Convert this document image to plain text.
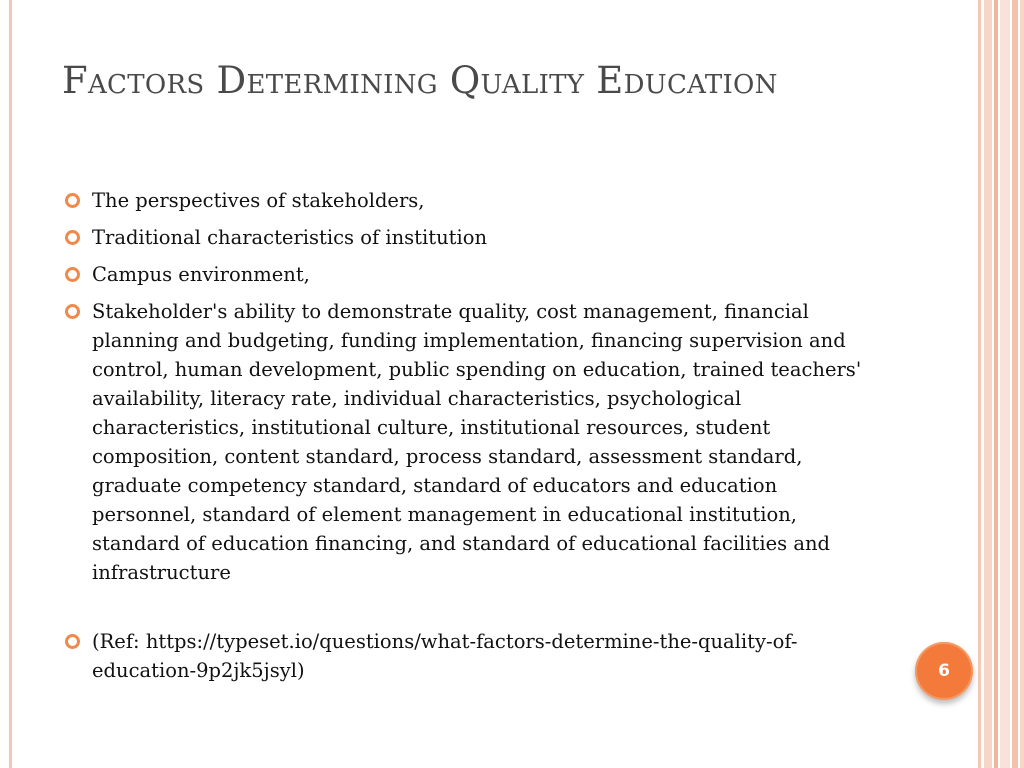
Factors Determining Quality Education
The perspectives of stakeholders,
Traditional characteristics of institution
Campus environment,
Stakeholder's ability to demonstrate quality, cost management, financial planning and budgeting, funding implementation, financing supervision and control, human development, public spending on education, trained teachers' availability, literacy rate, individual characteristics, psychological characteristics, institutional culture, institutional resources, student composition, content standard, process standard, assessment standard, graduate competency standard, standard of educators and education personnel, standard of element management in educational institution, standard of education financing, and standard of educational facilities and infrastructure
(Ref: https://typeset.io/questions/what-factors-determine-the-quality-of-education-9p2jk5jsyl)	6
